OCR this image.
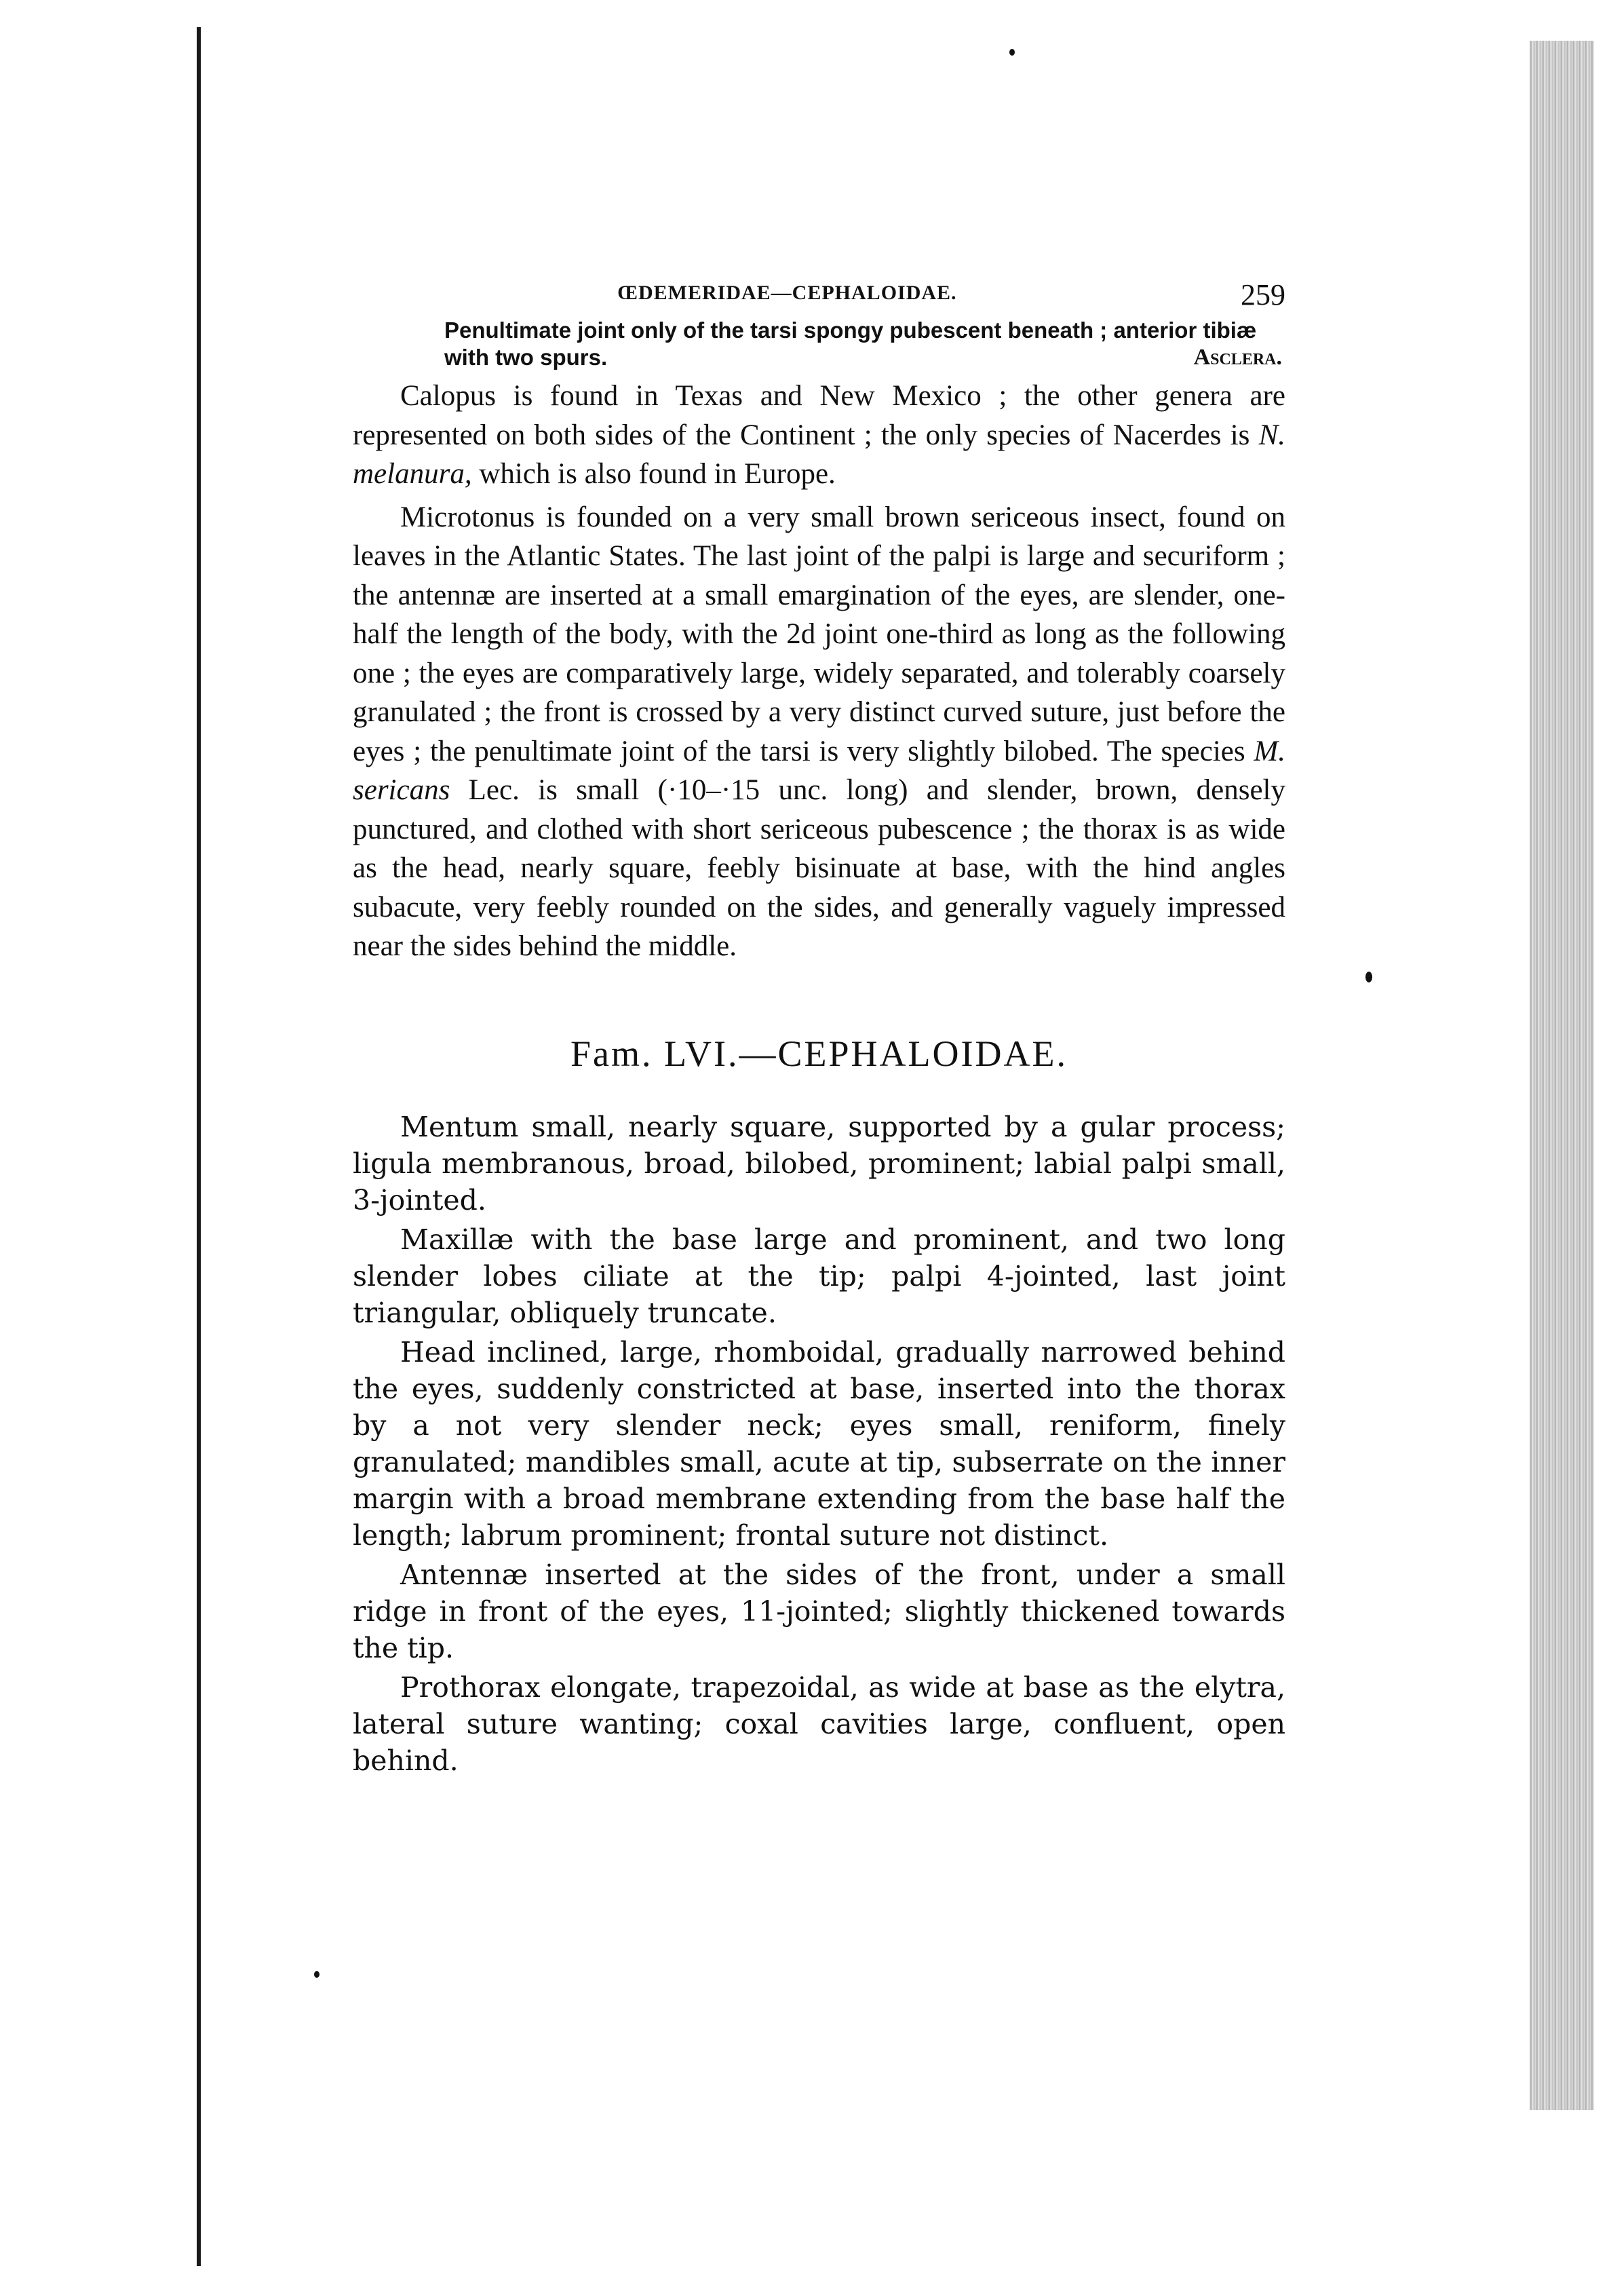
ŒDEMERIDAE—CEPHALOIDAE.	259
Penultimate joint only of the tarsi spongy pubescent beneath ; anterior tibiæ with two spurs.	Asclera.

Calopus is found in Texas and New Mexico ; the other genera are represented on both sides of the Continent ; the only species of Nacerdes is N. melanura, which is also found in Europe.

Microtonus is founded on a very small brown sericeous insect, found on leaves in the Atlantic States. The last joint of the palpi is large and securiform ; the antennæ are inserted at a small emargination of the eyes, are slender, one-half the length of the body, with the 2d joint one-third as long as the following one ; the eyes are comparatively large, widely separated, and tolerably coarsely granulated ; the front is crossed by a very distinct curved suture, just before the eyes ; the penultimate joint of the tarsi is very slightly bilobed. The species M. sericans Lec. is small (·10–·15 unc. long) and slender, brown, densely punctured, and clothed with short sericeous pubescence ; the thorax is as wide as the head, nearly square, feebly bisinuate at base, with the hind angles subacute, very feebly rounded on the sides, and generally vaguely impressed near the sides behind the middle.

Fam. LVI.—CEPHALOIDAE.

Mentum small, nearly square, supported by a gular process; ligula membranous, broad, bilobed, prominent; labial palpi small, 3-jointed.

Maxillæ with the base large and prominent, and two long slender lobes ciliate at the tip; palpi 4-jointed, last joint triangular, obliquely truncate.

Head inclined, large, rhomboidal, gradually narrowed behind the eyes, suddenly constricted at base, inserted into the thorax by a not very slender neck; eyes small, reniform, finely granulated; mandibles small, acute at tip, subserrate on the inner margin with a broad membrane extending from the base half the length; labrum prominent; frontal suture not distinct.

Antennæ inserted at the sides of the front, under a small ridge in front of the eyes, 11-jointed; slightly thickened towards the tip.

Prothorax elongate, trapezoidal, as wide at base as the elytra, lateral suture wanting; coxal cavities large, confluent, open behind.
